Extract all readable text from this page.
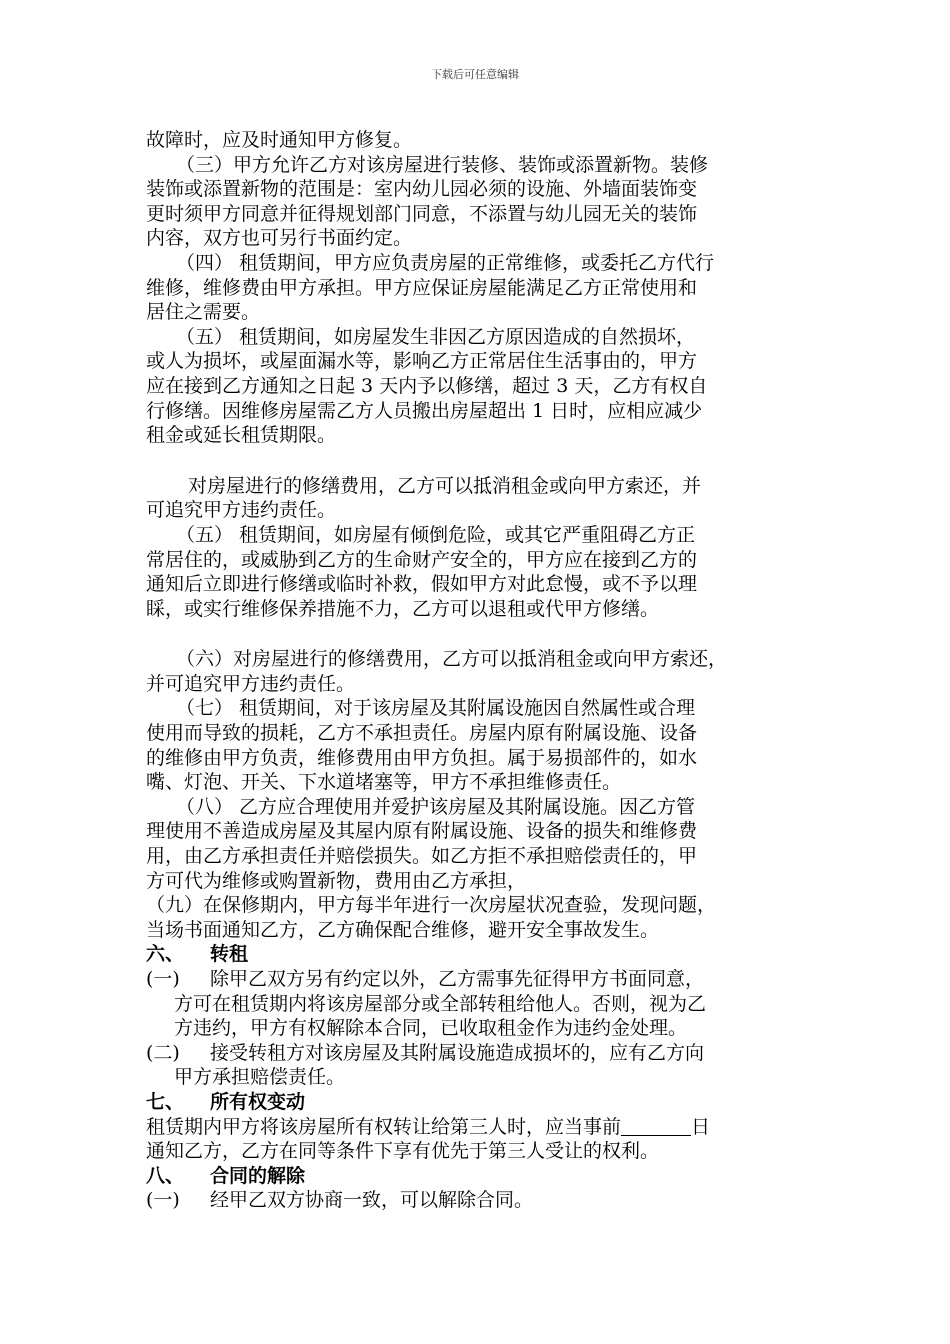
下载后可任意编辑
故障时，应及时通知甲方修复。
（三）甲方允许乙方对该房屋进行装修、装饰或添置新物。装修
装饰或添置新物的范围是：室内幼儿园必须的设施、外墙面装饰变
更时须甲方同意并征得规划部门同意，不添置与幼儿园无关的装饰
内容，双方也可另行书面约定。
（四） 租赁期间，甲方应负责房屋的正常维修，或委托乙方代行
维修，维修费由甲方承担。甲方应保证房屋能满足乙方正常使用和
居住之需要。
（五） 租赁期间，如房屋发生非因乙方原因造成的自然损坏，
或人为损坏，或屋面漏水等，影响乙方正常居住生活事由的，甲方
应在接到乙方通知之日起 3 天内予以修缮，超过 3 天，乙方有权自
行修缮。因维修房屋需乙方人员搬出房屋超出 1 日时，应相应减少
租金或延长租赁期限。
对房屋进行的修缮费用，乙方可以抵消租金或向甲方索还，并
可追究甲方违约责任。
（五） 租赁期间，如房屋有倾倒危险，或其它严重阻碍乙方正
常居住的，或威胁到乙方的生命财产安全的，甲方应在接到乙方的
通知后立即进行修缮或临时补救，假如甲方对此怠慢，或不予以理
睬，或实行维修保养措施不力，乙方可以退租或代甲方修缮。
（六）对房屋进行的修缮费用，乙方可以抵消租金或向甲方索还，
并可追究甲方违约责任。
（七） 租赁期间，对于该房屋及其附属设施因自然属性或合理
使用而导致的损耗，乙方不承担责任。房屋内原有附属设施、设备
的维修由甲方负责，维修费用由甲方负担。属于易损部件的，如水
嘴、灯泡、开关、下水道堵塞等，甲方不承担维修责任。
（八） 乙方应合理使用并爱护该房屋及其附属设施。因乙方管
理使用不善造成房屋及其屋内原有附属设施、设备的损失和维修费
用，由乙方承担责任并赔偿损失。如乙方拒不承担赔偿责任的，甲
方可代为维修或购置新物，费用由乙方承担，
（九）在保修期内，甲方每半年进行一次房屋状况查验，发现问题，
当场书面通知乙方，乙方确保配合维修，避开安全事故发生。
六、 转租
(一) 除甲乙双方另有约定以外，乙方需事先征得甲方书面同意，
方可在租赁期内将该房屋部分或全部转租给他人。否则，视为乙
方违约，甲方有权解除本合同，已收取租金作为违约金处理。
(二) 接受转租方对该房屋及其附属设施造成损坏的，应有乙方向
甲方承担赔偿责任。
七、 所有权变动
租赁期内甲方将该房屋所有权转让给第三人时，应当事前	日
通知乙方，乙方在同等条件下享有优先于第三人受让的权利。
八、 合同的解除
(一) 经甲乙双方协商一致，可以解除合同。
